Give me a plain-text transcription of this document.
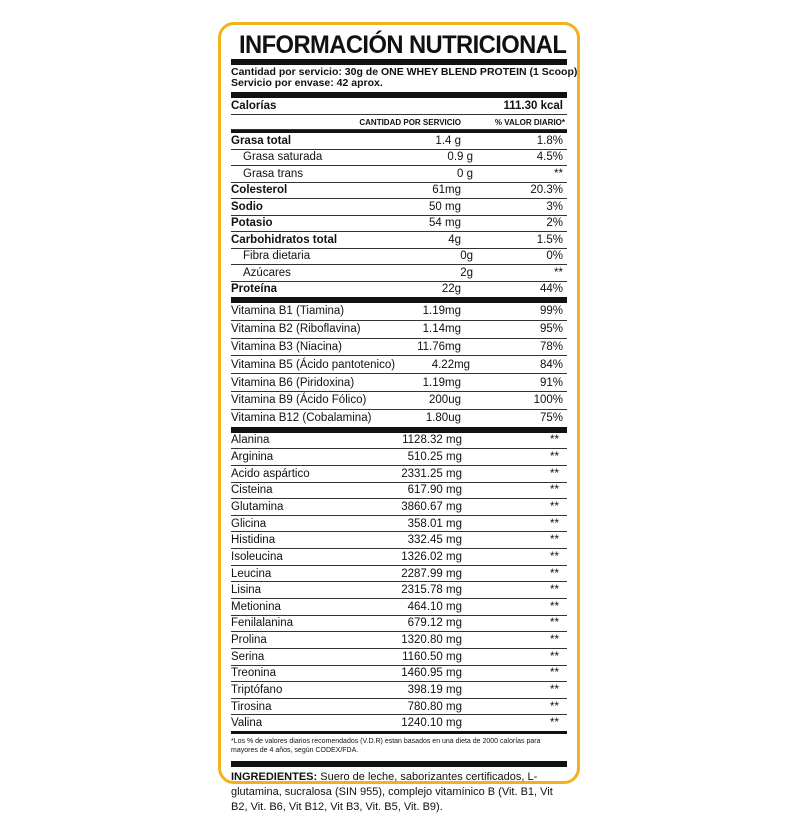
INFORMACIÓN NUTRICIONAL
Cantidad por servicio: 30g de ONE WHEY BLEND PROTEIN (1 Scoop)
Servicio por envase: 42 aprox.
Calorías	111.30 kcal
CANTIDAD POR SERVICIO	% VALOR DIARIO*
Grasa total	1.4 g	1.8%
Grasa saturada	0.9 g	4.5%
Grasa trans	0 g	**
Colesterol	61mg	20.3%
Sodio	50 mg	3%
Potasio	54 mg	2%
Carbohidratos total	4g	1.5%
Fibra dietaria	0g	0%
Azúcares	2g	**
Proteína	22g	44%
Vitamina B1 (Tiamina)	1.19mg	99%
Vitamina B2 (Riboflavina)	1.14mg	95%
Vitamina B3 (Niacina)	11.76mg	78%
Vitamina B5 (Ácido pantotenico)	4.22mg	84%
Vitamina B6 (Piridoxina)	1.19mg	91%
Vitamina B9 (Ácido Fólico)	200ug	100%
Vitamina B12 (Cobalamina)	1.80ug	75%
Alanina	1128.32 mg	**
Arginina	510.25 mg	**
Acido aspártico	2331.25 mg	**
Cisteina	617.90 mg	**
Glutamina	3860.67 mg	**
Glicina	358.01 mg	**
Histidina	332.45 mg	**
Isoleucina	1326.02 mg	**
Leucina	2287.99 mg	**
Lisina	2315.78 mg	**
Metionina	464.10 mg	**
Fenilalanina	679.12 mg	**
Prolina	1320.80 mg	**
Serina	1160.50 mg	**
Treonina	1460.95 mg	**
Triptófano	398.19 mg	**
Tirosina	780.80 mg	**
Valina	1240.10 mg	**
*Los % de valores diarios recomendados (V.D.R) estan basados en una dieta de 2000 calorías para mayores de 4 años, según CODEX/FDA.
INGREDIENTES: Suero de leche, saborizantes certificados, L-glutamina, sucralosa (SIN 955), complejo vitamínico B (Vit. B1, Vit B2, Vit. B6, Vit B12, Vit B3, Vit. B5, Vit. B9).
